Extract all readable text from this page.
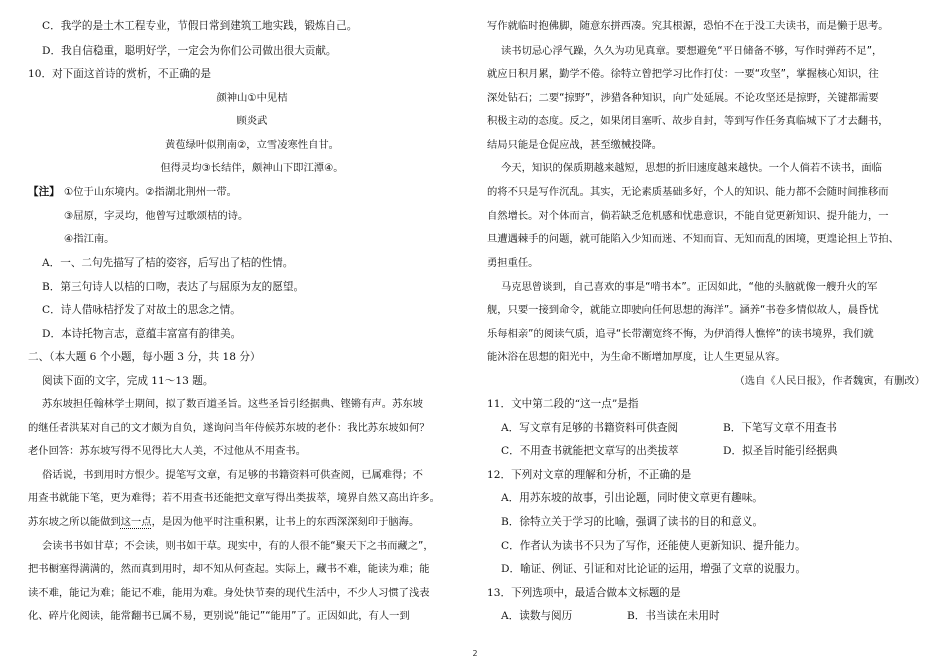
C．我学的是土木工程专业，节假日常到建筑工地实践，锻炼自己。
D．我自信稳重，聪明好学，一定会为你们公司做出很大贡献。
10．对下面这首诗的赏析，不正确的是
颜神山①中见桔
顾炎武
黄苞绿叶似荆南②，立雪凌寒性自甘。
但得灵均③长结伴，颇神山下即江潭④。
【注】 ①位于山东境内。②指湖北荆州一带。
③屈原，字灵均，他曾写过歌颂桔的诗。
④指江南。
A．一、二句先描写了桔的姿容，后写出了桔的性情。
B．第三句诗人以桔的口吻，表达了与屈原为友的愿望。
C．诗人借咏桔抒发了对故土的思念之情。
D．本诗托物言志，意蕴丰富富有韵律美。
二、（本大题 6 个小题，每小题 3 分，共 18 分）
阅读下面的文字，完成 11～13 题。
苏东坡担任翰林学士期间，拟了数百道圣旨。这些圣旨引经据典、铿锵有声。苏东坡
的继任者洪某对自己的文才颇为自负，遂询问当年侍候苏东坡的老仆：我比苏东坡如何？
老仆回答：苏东坡写得不见得比大人美，不过他从不用查书。
俗话说，书到用时方恨少。提笔写文章，有足够的书籍资料可供查阅，已属难得；不
用查书就能下笔，更为难得；若不用查书还能把文章写得出类拔萃，境界自然又高出许多。
苏东坡之所以能做到这一点，是因为他平时注重积累，让书上的东西深深刻印于脑海。
会读书书如甘草；不会读，则书如干草。现实中，有的人很不能“聚天下之书而藏之”，
把书橱塞得满满的，然而真到用时，却不知从何查起。实际上，藏书不难，能读为难；能
读不难，能记为难；能记不难，能用为难。身处快节奏的现代生活中，不少人习惯了浅表
化、碎片化阅读，能常翻书已属不易，更别说“能记”“能用”了。正因如此，有人一到
写作就临时抱佛脚，随意东拼西凑。究其根源，恐怕不在于没工夫读书，而是懒于思考。
读书切忌心浮气躁，久久为功见真章。要想避免“平日储备不够，写作时弹药不足”，
就应日积月累，勤学不倦。徐特立曾把学习比作打仗：一要“攻坚”，掌握核心知识，往
深处钻石；二要“掠野”，涉猎各种知识，向广处延展。不论攻坚还是掠野，关键都需要
积极主动的态度。反之，如果闭目塞听、故步自封，等到写作任务真临城下了才去翻书，
结局只能是仓促应战，甚至缴械投降。
今天，知识的保质期越来越短，思想的折旧速度越来越快。一个人倘若不读书，面临
的将不只是写作沉乱。其实，无论素质基础多好，个人的知识、能力都不会随时间推移而
自然增长。对个体而言，倘若缺乏危机感和忧患意识，不能自觉更新知识、提升能力，一
旦遭遇棘手的问题，就可能陷入少知而迷、不知而盲、无知而乱的困境，更遑论担上节拍、
勇担重任。
马克思曾谈到，自己喜欢的事是“啃书本”。正因如此，“他的头脑就像一艘升火的军
舰，只要一接到命令，就能立即驶向任何思想的海洋”。涵养“书卷多情似故人，晨昏忧
乐每相亲”的阅读气质，追寻“长带潮宽终不悔，为伊消得人憔悴”的读书境界，我们就
能沐浴在思想的阳光中，为生命不断增加厚度，让人生更显从容。
（选自《人民日报》，作者魏寅，有删改）
11．文中第二段的“这一点”是指
A．写文章有足够的书籍资料可供查阅	B．下笔写文章不用查书
C．不用查书就能把文章写的出类拔萃	D．拟圣旨时能引经据典
12．下列对文章的理解和分析，不正确的是
A．用苏东坡的故事，引出论题，同时使文章更有趣味。
B．徐特立关于学习的比喻，强调了读书的目的和意义。
C．作者认为读书不只为了写作，还能使人更新知识、提升能力。
D．喻证、例证、引证和对比论证的运用，增强了文章的说服力。
13．下列选项中，最适合做本文标题的是
A．读数与阅历	B．书当读在未用时
2
